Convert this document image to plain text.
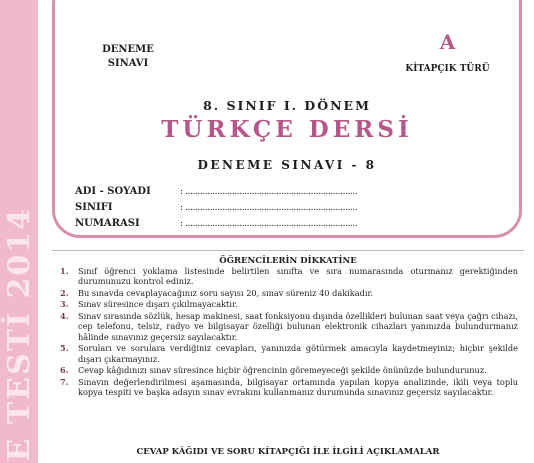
E TESTİ 2014
DENEME
SINAVI
A
KİTAPÇIK TÜRÜ
8. SINIF I. DÖNEM
TÜRKÇE DERSİ
DENEME SINAVI - 8
ADI - SOYADI	: ......................................................................
SINIFI	: ......................................................................
NUMARASI	: ......................................................................
ÖĞRENCİLERİN DİKKATİNE
1. Sınıf öğrenci yoklama listesinde belirtilen sınıfta ve sıra numarasında oturmanız gerektiğinden durumunuzu kontrol ediniz.
2. Bu sınavda cevaplayacağınız soru sayısı 20, sınav süreniz 40 dakikadır.
3. Sınav süresince dışarı çıkılmayacaktır.
4. Sınav sırasında sözlük, hesap makinesi, saat fonksiyonu dışında özellikleri bulunan saat veya çağrı cihazı, cep telefonu, telsiz, radyo ve bilgisayar özelliği bulunan elektronik cihazları yanınızda bulundurmanız hâlinde sınavınız geçersiz sayılacaktır.
5. Soruları ve sorulara verdiğiniz cevapları, yanınızda götürmek amacıyla kaydetmeyiniz; hiçbir şekilde dışarı çıkarmayınız.
6. Cevap kâğıdınızı sınav süresince hiçbir öğrencinin göremeyeceği şekilde önünüzde bulundurunuz.
7. Sınavın değerlendirilmesi aşamasında, bilgisayar ortamında yapılan kopya analizinde, ikili veya toplu kopya tespiti ve başka adayın sınav evrakını kullanmanız durumunda sınavınız geçersiz sayılacaktır.
CEVAP KÂĞIDI VE SORU KİTAPÇIĞI İLE İLGİLİ AÇIKLAMALAR
